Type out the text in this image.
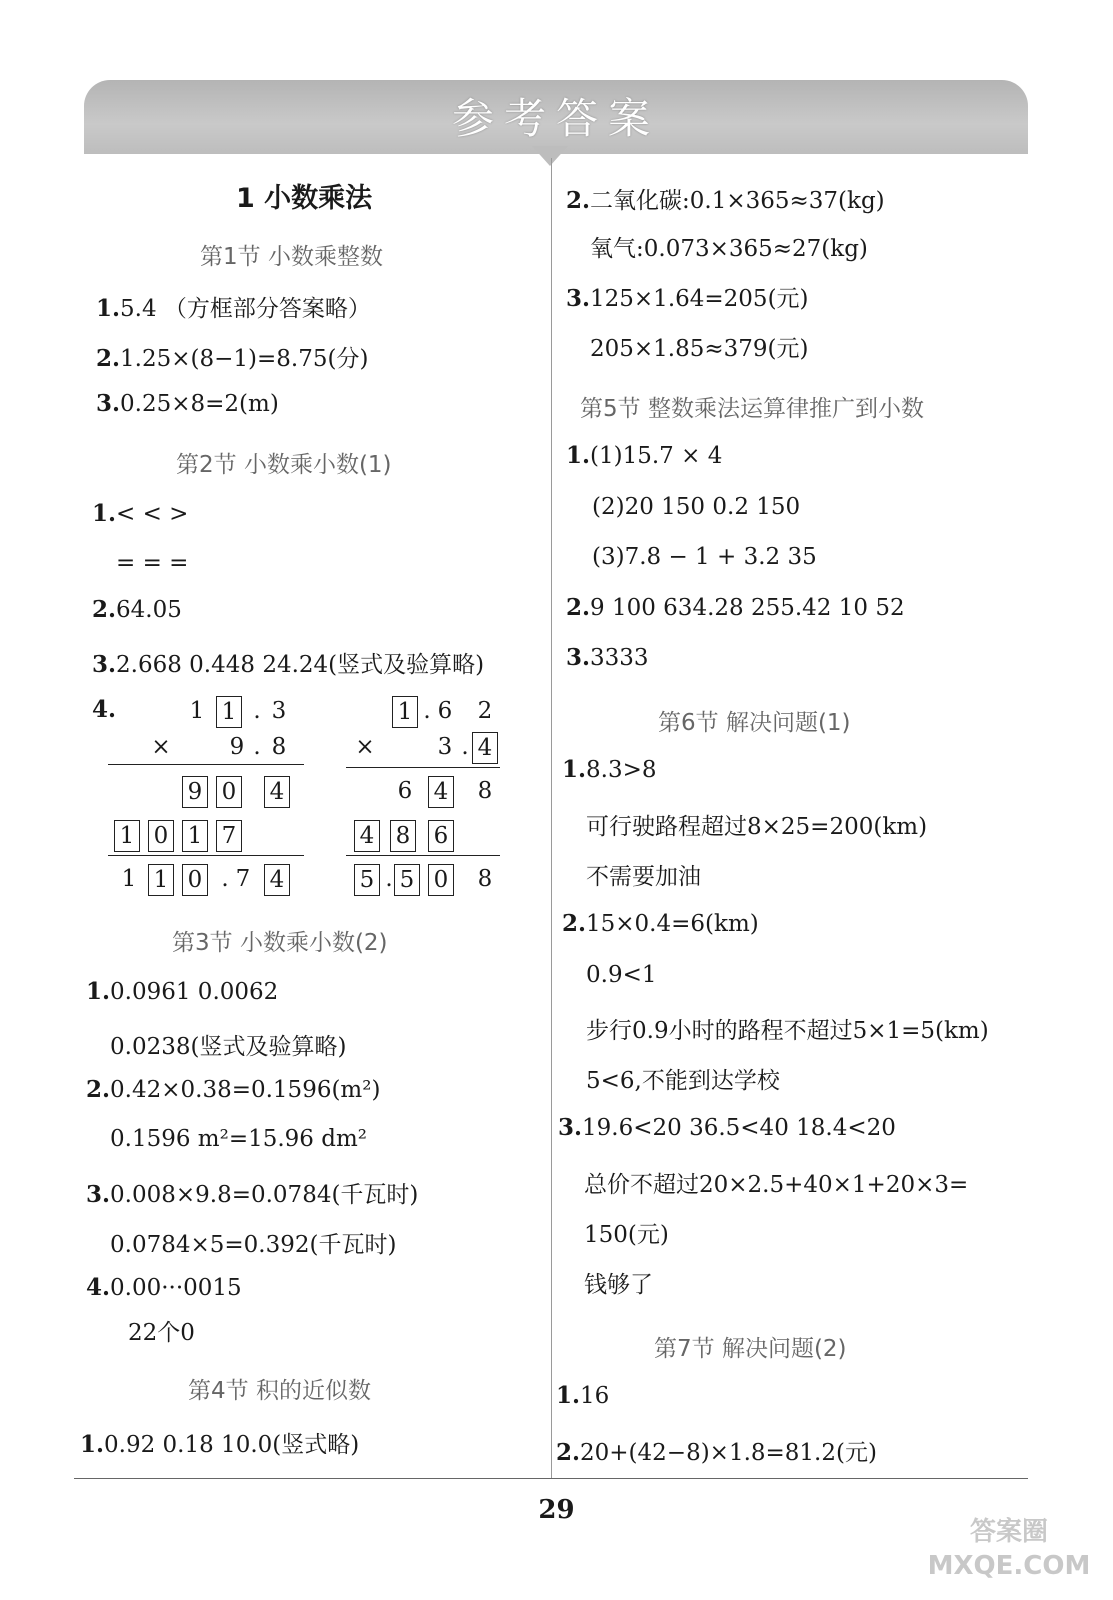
参考答案
1 小数乘法
第1节 小数乘整数
1.5.4 （方框部分答案略）
2.1.25×(8−1)=8.75(分)
3.0.25×8=2(m)
第2节 小数乘小数(1)
1.< < >
= = =
2.64.05
3.2.668 0.448 24.24(竖式及验算略)
4.	1 1 . 3
×	9 . 8
9 0 4
1 0 1 7
1 1 0 . 7 4
1 . 6 2
×	3 . 4
6 4 8
4 8 6
5 . 5 0 8
第3节 小数乘小数(2)
1.0.0961 0.0062
0.0238(竖式及验算略)
2.0.42×0.38=0.1596(m²)
0.1596 m²=15.96 dm²
3.0.008×9.8=0.0784(千瓦时)
0.0784×5=0.392(千瓦时)
4.0.00···0015
22个0
第4节 积的近似数
1.0.92 0.18 10.0(竖式略)
2.二氧化碳:0.1×365≈37(kg)
氧气:0.073×365≈27(kg)
3.125×1.64=205(元)
205×1.85≈379(元)
第5节 整数乘法运算律推广到小数
1.(1)15.7 × 4
(2)20 150 0.2 150
(3)7.8 − 1 + 3.2 35
2.9 100 634.28 255.42 10 52
3.3333
第6节 解决问题(1)
1.8.3>8
可行驶路程超过8×25=200(km)
不需要加油
2.15×0.4=6(km)
0.9<1
步行0.9小时的路程不超过5×1=5(km)
5<6,不能到达学校
3.19.6<20 36.5<40 18.4<20
总价不超过20×2.5+40×1+20×3=
150(元)
钱够了
第7节 解决问题(2)
1.16
2.20+(42−8)×1.8=81.2(元)
29
答案圈 MXQE.COM
